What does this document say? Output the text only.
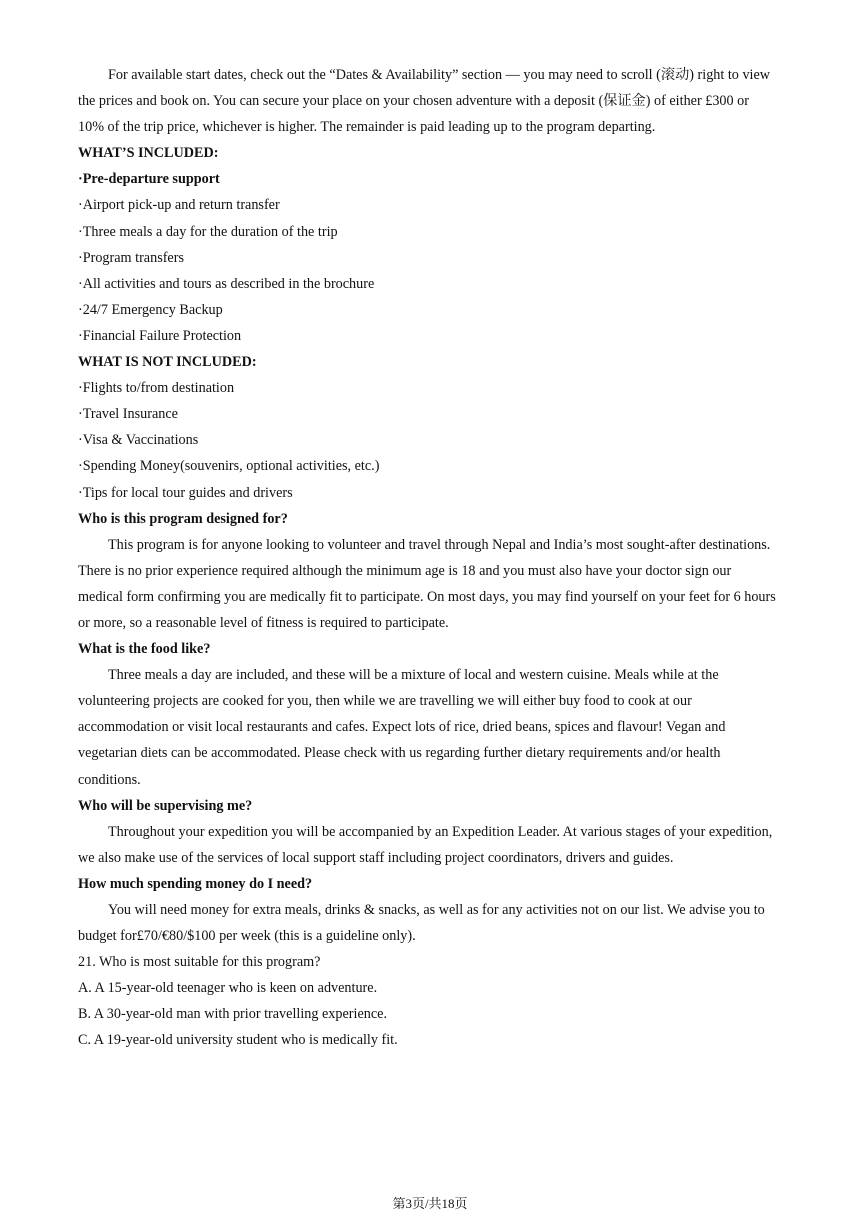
For available start dates, check out the “Dates & Availability” section — you may need to scroll (滚动) right to view the prices and book on. You can secure your place on your chosen adventure with a deposit (保证金) of either £300 or 10% of the trip price, whichever is higher. The remainder is paid leading up to the program departing.

WHAT’S INCLUDED:

·Pre-departure support

·Airport pick-up and return transfer

·Three meals a day for the duration of the trip

·Program transfers

·All activities and tours as described in the brochure

·24/7 Emergency Backup

·Financial Failure Protection

WHAT IS NOT INCLUDED:

·Flights to/from destination

·Travel Insurance

·Visa & Vaccinations

·Spending Money(souvenirs, optional activities, etc.)

·Tips for local tour guides and drivers

Who is this program designed for?

This program is for anyone looking to volunteer and travel through Nepal and India’s most sought-after destinations. There is no prior experience required although the minimum age is 18 and you must also have your doctor sign our medical form confirming you are medically fit to participate. On most days, you may find yourself on your feet for 6 hours or more, so a reasonable level of fitness is required to participate.

What is the food like?

Three meals a day are included, and these will be a mixture of local and western cuisine. Meals while at the volunteering projects are cooked for you, then while we are travelling we will either buy food to cook at our accommodation or visit local restaurants and cafes. Expect lots of rice, dried beans, spices and flavour! Vegan and vegetarian diets can be accommodated. Please check with us regarding further dietary requirements and/or health conditions.

Who will be supervising me?

Throughout your expedition you will be accompanied by an Expedition Leader. At various stages of your expedition, we also make use of the services of local support staff including project coordinators, drivers and guides.

How much spending money do I need?

You will need money for extra meals, drinks & snacks, as well as for any activities not on our list. We advise you to budget for£70/€80/$100 per week (this is a guideline only).

21. Who is most suitable for this program?

A. A 15-year-old teenager who is keen on adventure.

B. A 30-year-old man with prior travelling experience.

C. A 19-year-old university student who is medically fit.

第3页/共18页
